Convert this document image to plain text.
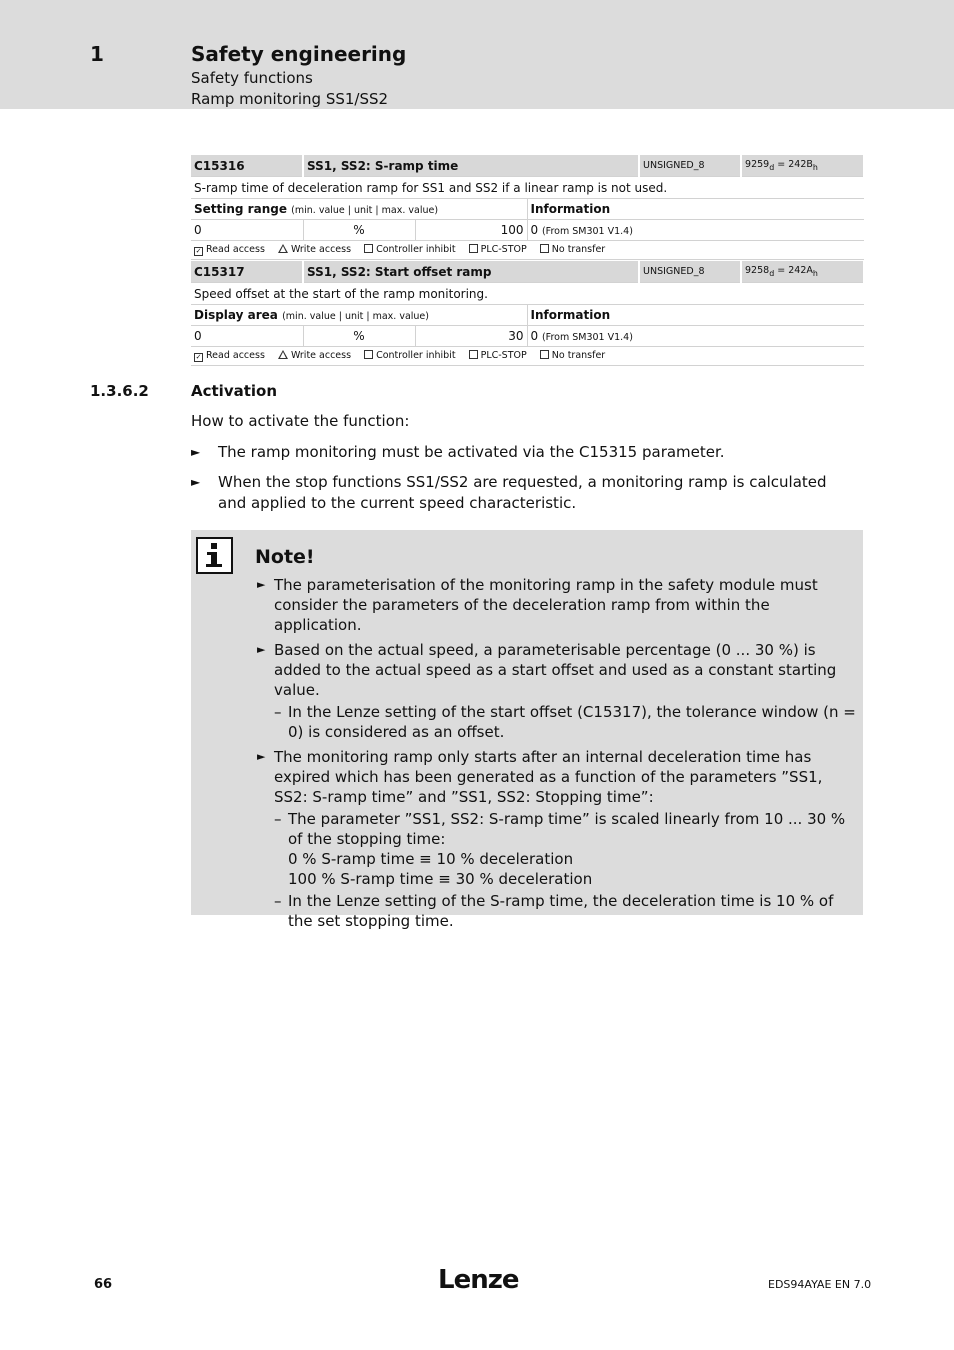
1	Safety engineering
Safety functions
Ramp monitoring SS1/SS2
C15316	SS1, SS2: S-ramp time			UNSIGNED_8	$9259_d = 242B_h$
S-ramp time of deceleration ramp for SS1 and SS2 if a linear ramp is not used.					
Setting range (min. value | unit | max. value)			Information		
0	%	100	0 (From SM301 V1.4)		
✓ Read access Write access Controller inhibit PLC-STOP No transfer					
C15317	SS1, SS2: Start offset ramp			UNSIGNED_8	$9258_d = 242A_h$
Speed offset at the start of the ramp monitoring.					
Display area (min. value | unit | max. value)			Information		
0	%	30	0 (From SM301 V1.4)		
✓ Read access Write access Controller inhibit PLC-STOP No transfer					
1.3.6.2	Activation
How to activate the function:
► The ramp monitoring must be activated via the C15315 parameter.
► When the stop functions SS1/SS2 are requested, a monitoring ramp is calculated and applied to the current speed characteristic.
Note!
► The parameterisation of the monitoring ramp in the safety module must consider the parameters of the deceleration ramp from within the application.
► Based on the actual speed, a parameterisable percentage (0 ... 30 %) is added to the actual speed as a start offset and used as a constant starting value.
– In the Lenze setting of the start offset (C15317), the tolerance window (n = 0) is considered as an offset.
► The monitoring ramp only starts after an internal deceleration time has expired which has been generated as a function of the parameters ”SS1, SS2: S-ramp time” and ”SS1, SS2: Stopping time”:
– The parameter ”SS1, SS2: S-ramp time” is scaled linearly from 10 ... 30 % of the stopping time:
0 % S-ramp time ≡ 10 % deceleration
100 % S-ramp time ≡ 30 % deceleration
– In the Lenze setting of the S-ramp time, the deceleration time is 10 % of the set stopping time.
66	Lenze	EDS94AYAE EN 7.0
